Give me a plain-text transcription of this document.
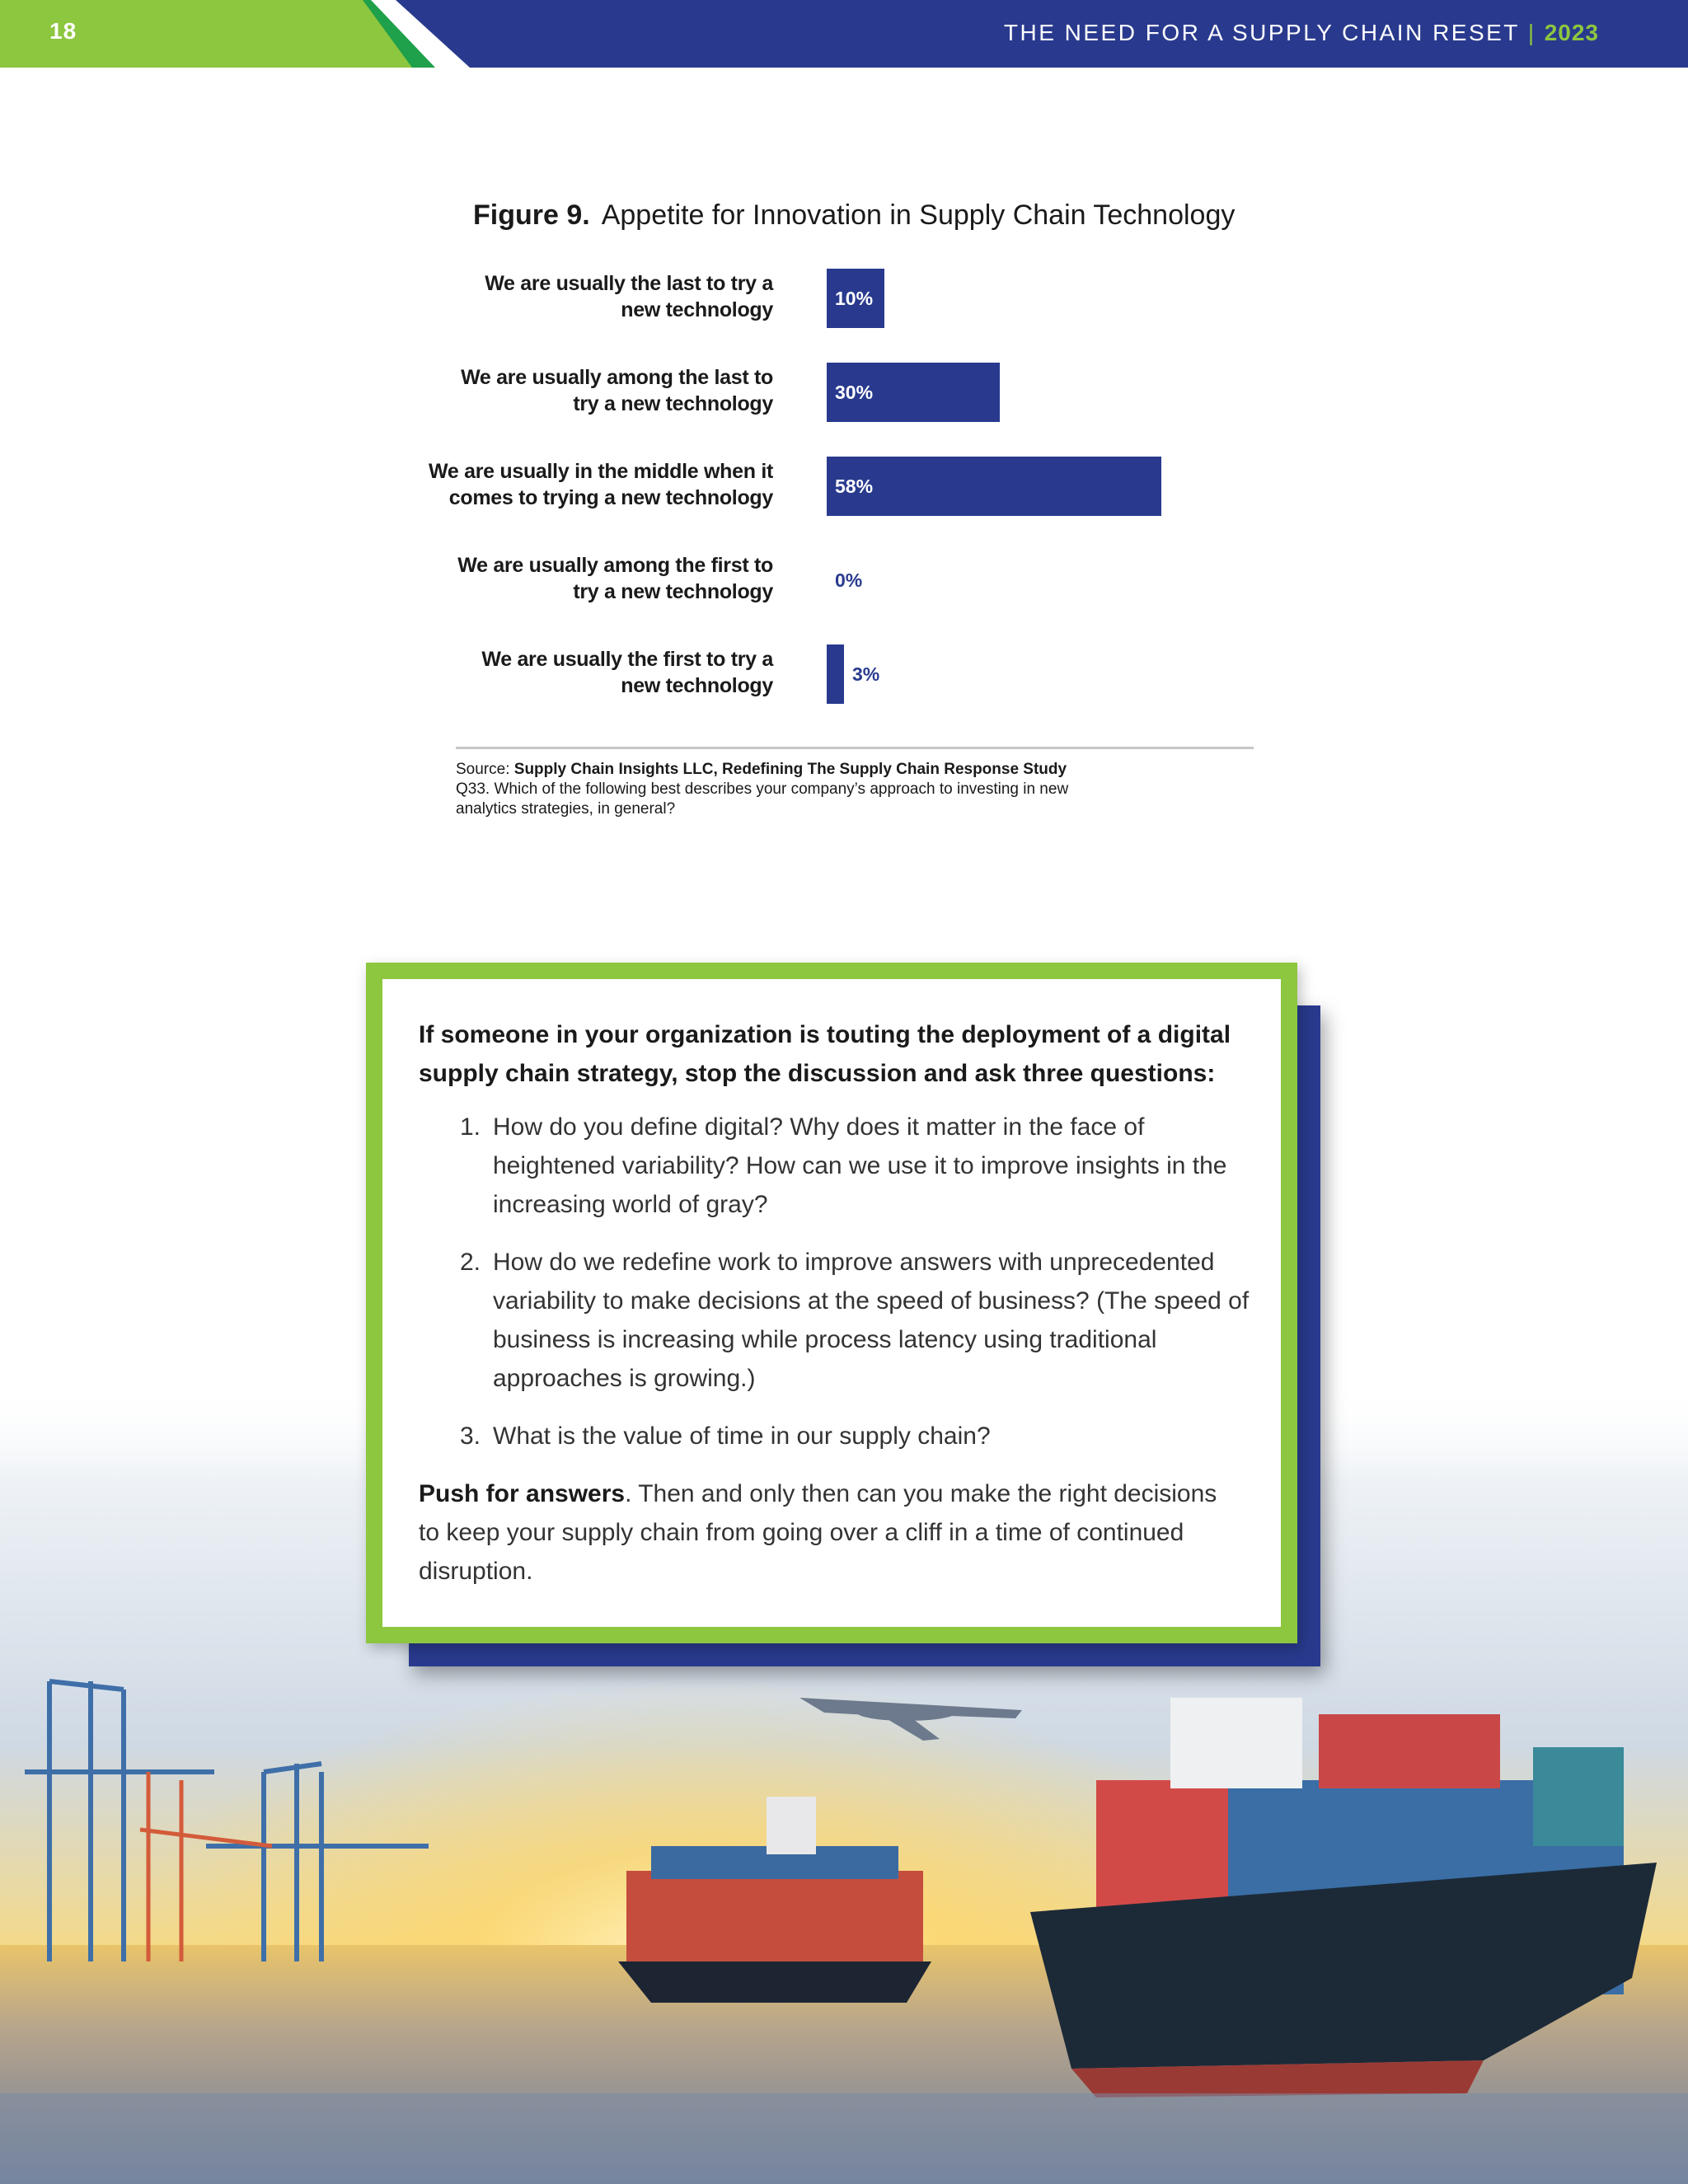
18	THE NEED FOR A SUPPLY CHAIN RESET | 2023
Figure 9. Appetite for Innovation in Supply Chain Technology
We are usually the last to try a
new technology	10%
We are usually among the last to
try a new technology	30%
We are usually in the middle when it
comes to trying a new technology	58%
We are usually among the first to
try a new technology	0%
We are usually the first to try a
new technology	3%
Source: Supply Chain Insights LLC, Redefining The Supply Chain Response Study
Q33. Which of the following best describes your company’s approach to investing in new analytics strategies, in general?

If someone in your organization is touting the deployment of a digital supply chain strategy, stop the discussion and ask three questions:

1. How do you define digital? Why does it matter in the face of heightened variability? How can we use it to improve insights in the increasing world of gray?
2. How do we redefine work to improve answers with unprecedented variability to make decisions at the speed of business? (The speed of business is increasing while process latency using traditional approaches is growing.)
3. What is the value of time in our supply chain?

Push for answers. Then and only then can you make the right decisions to keep your supply chain from going over a cliff in a time of continued disruption.
